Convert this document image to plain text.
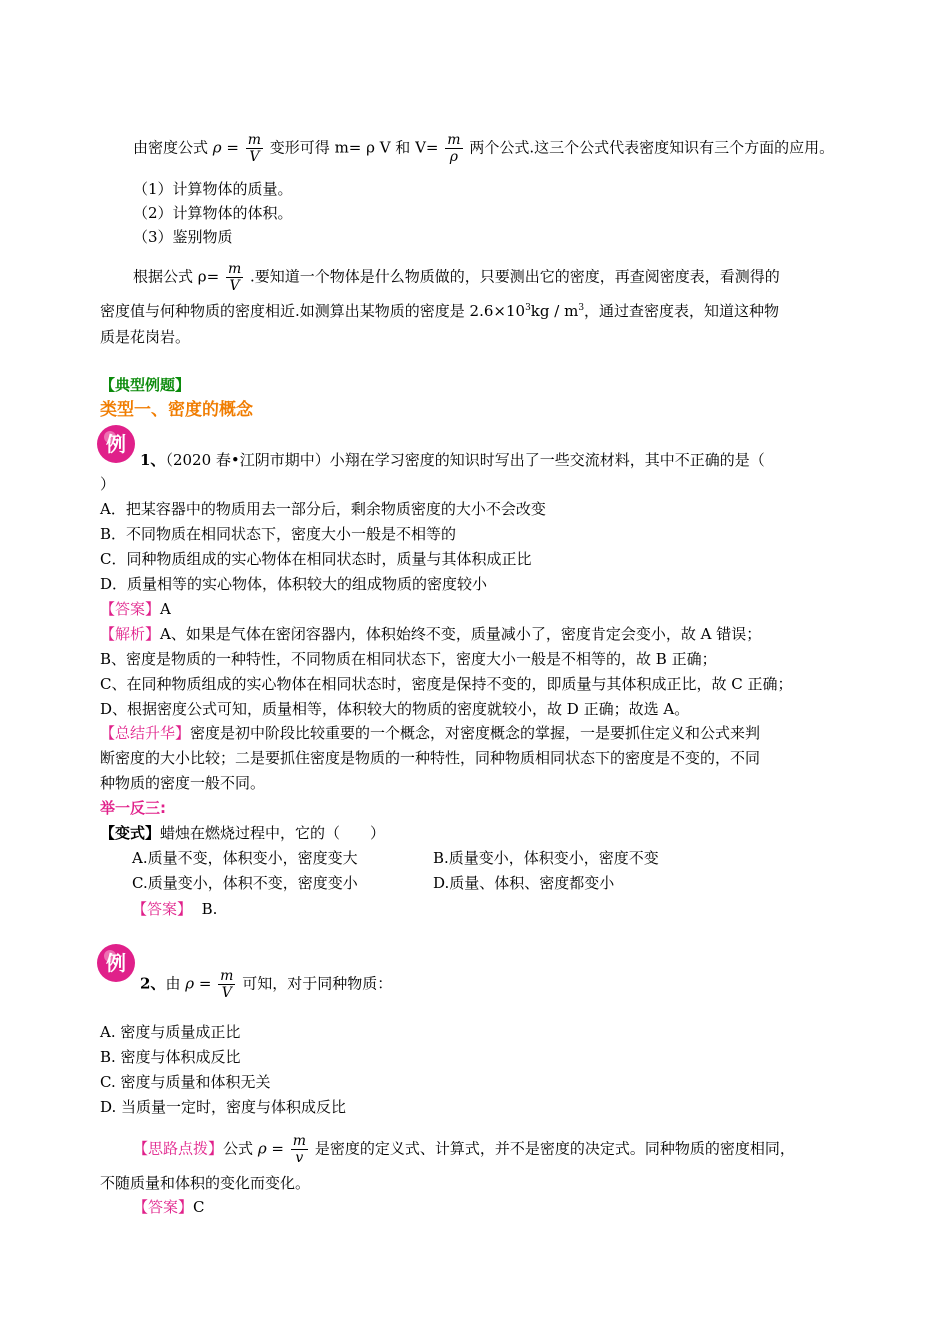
由密度公式 $\rho = \frac{m}{V}$ 变形可得 m= ρ V 和 $V= \frac{m}{\rho}$ 两个公式.这三个公式代表密度知识有三个方面的应用。
（1）计算物体的质量。
（2）计算物体的体积。
（3）鉴别物质
根据公式 $\rho= \frac{m}{V}$ .要知道一个物体是什么物质做的，只要测出它的密度，再查阅密度表，看测得的
密度值与何种物质的密度相近.如测算出某物质的密度是 $2.6\times 10^3kg / m^3$，通过查密度表，知道这种物
质是花岗岩。
【典型例题】
类型一、密度的概念
例
1、（2020 春•江阴市期中）小翔在学习密度的知识时写出了一些交流材料，其中不正确的是（
）
A．把某容器中的物质用去一部分后，剩余物质密度的大小不会改变
B．不同物质在相同状态下，密度大小一般是不相等的
C．同种物质组成的实心物体在相同状态时，质量与其体积成正比
D．质量相等的实心物体，体积较大的组成物质的密度较小
【答案】A
【解析】A、如果是气体在密闭容器内，体积始终不变，质量减小了，密度肯定会变小，故 A 错误；
B、密度是物质的一种特性，不同物质在相同状态下，密度大小一般是不相等的，故 B 正确；
C、在同种物质组成的实心物体在相同状态时，密度是保持不变的，即质量与其体积成正比，故 C 正确；
D、根据密度公式可知，质量相等，体积较大的物质的密度就较小，故 D 正确；故选 A。
【总结升华】密度是初中阶段比较重要的一个概念，对密度概念的掌握，一是要抓住定义和公式来判
断密度的大小比较；二是要抓住密度是物质的一种特性，同种物质相同状态下的密度是不变的，不同
种物质的密度一般不同。
举一反三:
【变式】蜡烛在燃烧过程中，它的（　　）
A.质量不变，体积变小，密度变大	B.质量变小，体积变小，密度不变
C.质量变小，体积不变，密度变小	D.质量、体积、密度都变小
【答案】 B.
例
2、由 $\rho = \frac{m}{V}$ 可知，对于同种物质：
A. 密度与质量成正比
B. 密度与体积成反比
C. 密度与质量和体积无关
D. 当质量一定时，密度与体积成反比
【思路点拨】公式 $\rho = \frac{m}{v}$ 是密度的定义式、计算式，并不是密度的决定式。同种物质的密度相同，
不随质量和体积的变化而变化。
【答案】C
